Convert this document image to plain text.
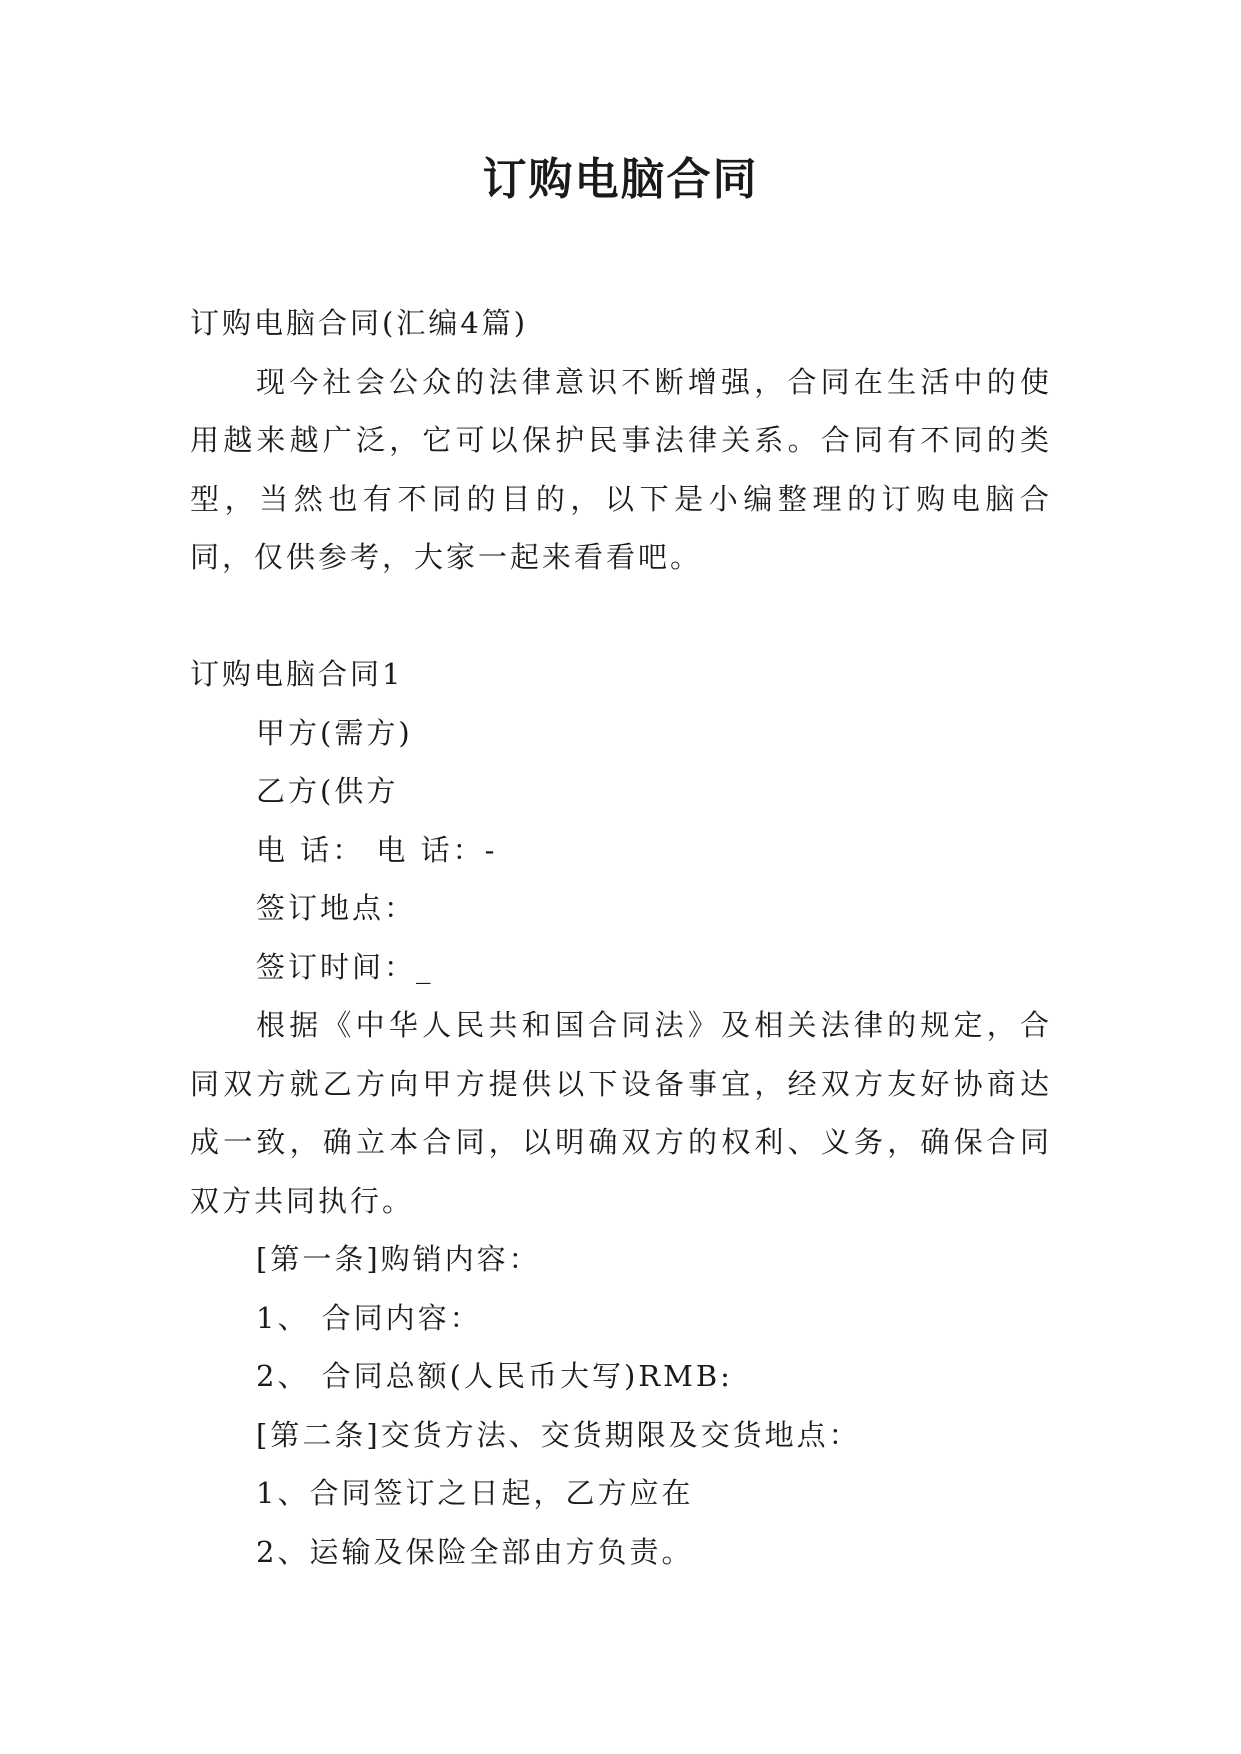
订购电脑合同

订购电脑合同(汇编4篇)

现今社会公众的法律意识不断增强，合同在生活中的使用越来越广泛，它可以保护民事法律关系。合同有不同的类型，当然也有不同的目的，以下是小编整理的订购电脑合同，仅供参考，大家一起来看看吧。

订购电脑合同1

甲方(需方)

乙方(供方

电 话： 电 话：-

签订地点：

签订时间：_

根据《中华人民共和国合同法》及相关法律的规定，合同双方就乙方向甲方提供以下设备事宜，经双方友好协商达成一致，确立本合同，以明确双方的权利、义务，确保合同双方共同执行。

[第一条]购销内容：

1、 合同内容：

2、 合同总额(人民币大写)RMB:

[第二条]交货方法、交货期限及交货地点：

1、合同签订之日起，乙方应在

2、运输及保险全部由方负责。
